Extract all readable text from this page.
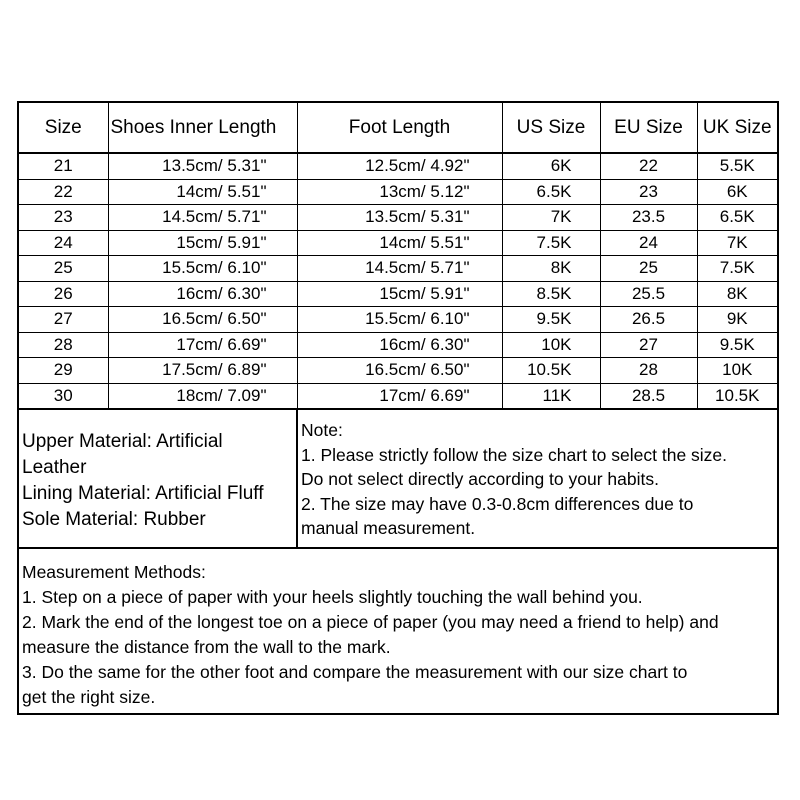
Size	Shoes Inner Length	Foot Length	US Size	EU Size	UK Size
21	13.5cm/ 5.31"	12.5cm/ 4.92"	6K	22	5.5K
22	14cm/ 5.51"	13cm/ 5.12"	6.5K	23	6K
23	14.5cm/ 5.71"	13.5cm/ 5.31"	7K	23.5	6.5K
24	15cm/ 5.91"	14cm/ 5.51"	7.5K	24	7K
25	15.5cm/ 6.10"	14.5cm/ 5.71"	8K	25	7.5K
26	16cm/ 6.30"	15cm/ 5.91"	8.5K	25.5	8K
27	16.5cm/ 6.50"	15.5cm/ 6.10"	9.5K	26.5	9K
28	17cm/ 6.69"	16cm/ 6.30"	10K	27	9.5K
29	17.5cm/ 6.89"	16.5cm/ 6.50"	10.5K	28	10K
30	18cm/ 7.09"	17cm/ 6.69"	11K	28.5	10.5K
Upper Material: Artificial
Leather
Lining Material: Artificial Fluff
Sole Material: Rubber
Note:
1. Please strictly follow the size chart to select the size.
Do not select directly according to your habits.
2. The size may have 0.3-0.8cm differences due to
manual measurement.
Measurement Methods:
1. Step on a piece of paper with your heels slightly touching the wall behind you.
2. Mark the end of the longest toe on a piece of paper (you may need a friend to help) and
measure the distance from the wall to the mark.
3. Do the same for the other foot and compare the measurement with our size chart to
get the right size.
